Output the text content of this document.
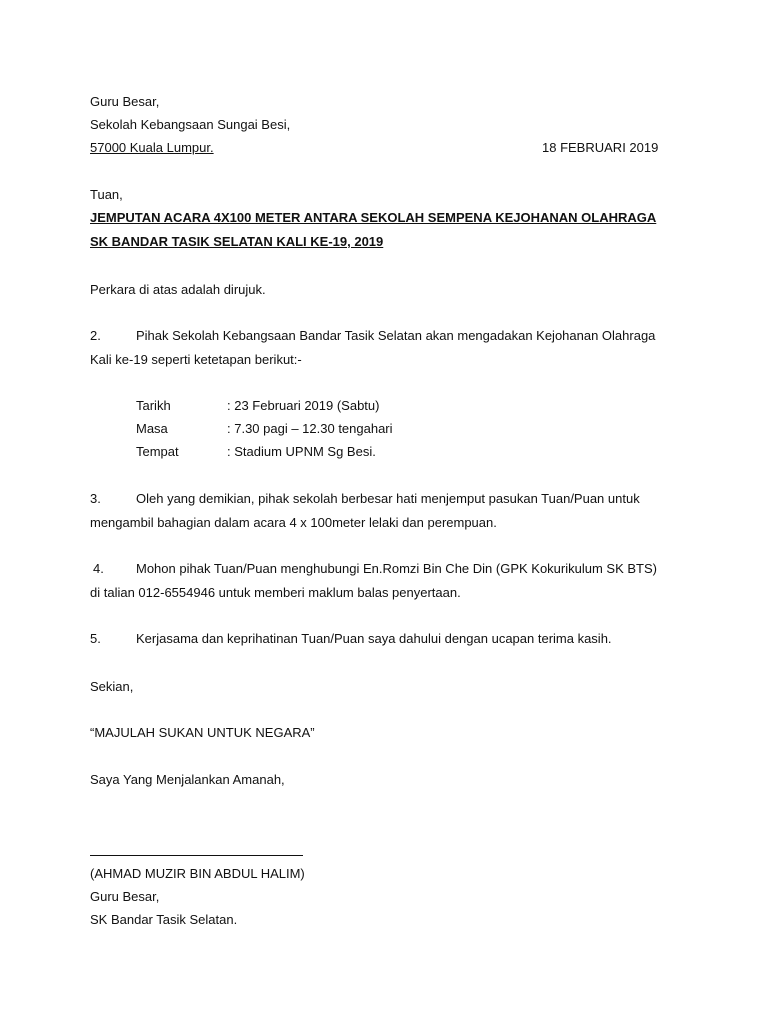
Guru Besar,
Sekolah Kebangsaan Sungai Besi,
57000 Kuala Lumpur.	18 FEBRUARI 2019
Tuan,
JEMPUTAN ACARA 4X100 METER ANTARA SEKOLAH SEMPENA KEJOHANAN OLAHRAGA
SK BANDAR TASIK SELATAN KALI KE-19, 2019
Perkara di atas adalah dirujuk.
2.	Pihak Sekolah Kebangsaan Bandar Tasik Selatan akan mengadakan Kejohanan Olahraga
Kali ke-19 seperti ketetapan berikut:-
Tarikh	: 23 Februari 2019 (Sabtu)
Masa	: 7.30 pagi – 12.30 tengahari
Tempat	: Stadium UPNM Sg Besi.
3.	Oleh yang demikian, pihak sekolah berbesar hati menjemput pasukan Tuan/Puan untuk
mengambil bahagian dalam acara 4 x 100meter lelaki dan perempuan.
4. Mohon pihak Tuan/Puan menghubungi En.Romzi Bin Che Din (GPK Kokurikulum SK BTS)
di talian 012-6554946 untuk memberi maklum balas penyertaan.
5.	Kerjasama dan keprihatinan Tuan/Puan saya dahului dengan ucapan terima kasih.
Sekian,
“MAJULAH SUKAN UNTUK NEGARA”
Saya Yang Menjalankan Amanah,
(AHMAD MUZIR BIN ABDUL HALIM)
Guru Besar,
SK Bandar Tasik Selatan.
